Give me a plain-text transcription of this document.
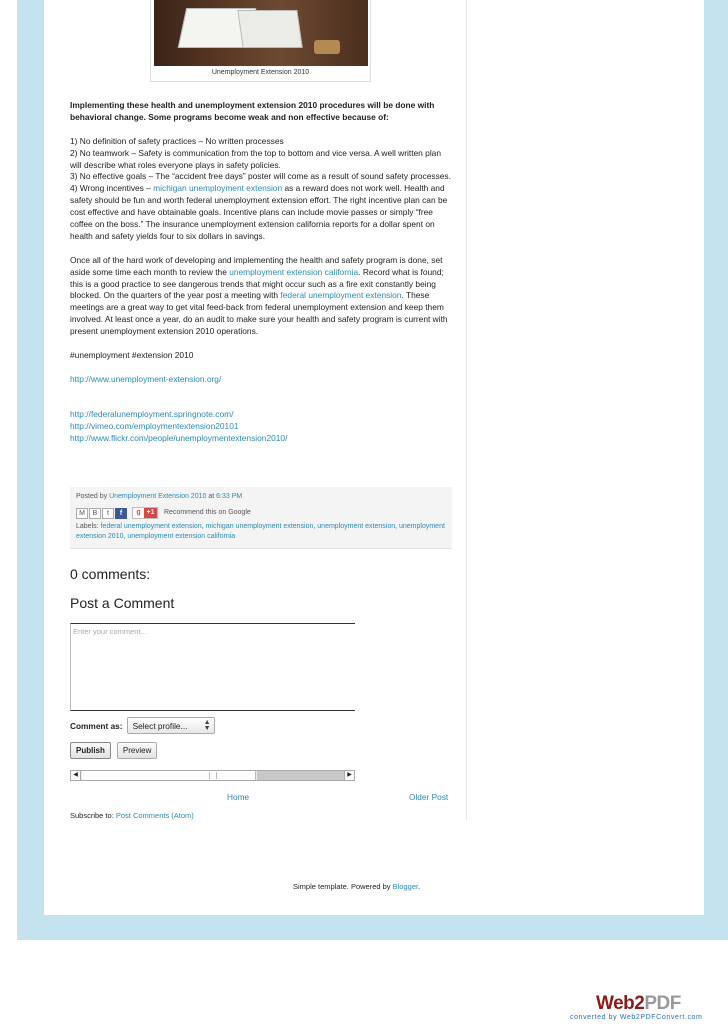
Unemployment Extension 2010

Implementing these health and unemployment extension 2010 procedures will be done with behavioral change. Some programs become weak and non effective because of:

1) No definition of safety practices – No written processes
2) No teamwork – Safety is communication from the top to bottom and vice versa. A well written plan will describe what roles everyone plays in safety policies.
3) No effective goals – The “accident free days” poster will come as a result of sound safety processes.

4) Wrong incentives – michigan unemployment extension as a reward does not work well. Health and safety should be fun and worth federal unemployment extension effort. The right incentive plan can be cost effective and have obtainable goals. Incentive plans can include movie passes or simply “free coffee on the boss.” The insurance unemployment extension california reports for a dollar spent on health and safety yields four to six dollars in savings.

Once all of the hard work of developing and implementing the health and safety program is done, set aside some time each month to review the unemployment extension california. Record what is found; this is a good practice to see dangerous trends that might occur such as a fire exit constantly being blocked. On the quarters of the year post a meeting with federal unemployment extension. These meetings are a great way to get vital feed-back from federal unemployment extension and keep them involved. At least once a year, do an audit to make sure your health and safety program is current with present unemployment extension 2010 operations.

#unemployment #extension 2010

http://www.unemployment-extension.org/

http://federalunemployment.springnote.com/
http://vimeo.com/employmentextension20101
http://www.flickr.com/people/unemploymentextension2010/
Posted by Unemployment Extension 2010 at 6:33 PM
M	B	t	f	g +1	Recommend this on Google
Labels: federal unemployment extension, michigan unemployment extension, unemployment extension, unemployment extension 2010, unemployment extension california
0 comments:
Post a Comment
Enter your comment...
Comment as:	Select profile... ▲
▼
Publish	Preview
◀	▶
Home	Older Post
Subscribe to: Post Comments (Atom)
Simple template. Powered by Blogger.
Web2PDF
converted by Web2PDFConvert.com
